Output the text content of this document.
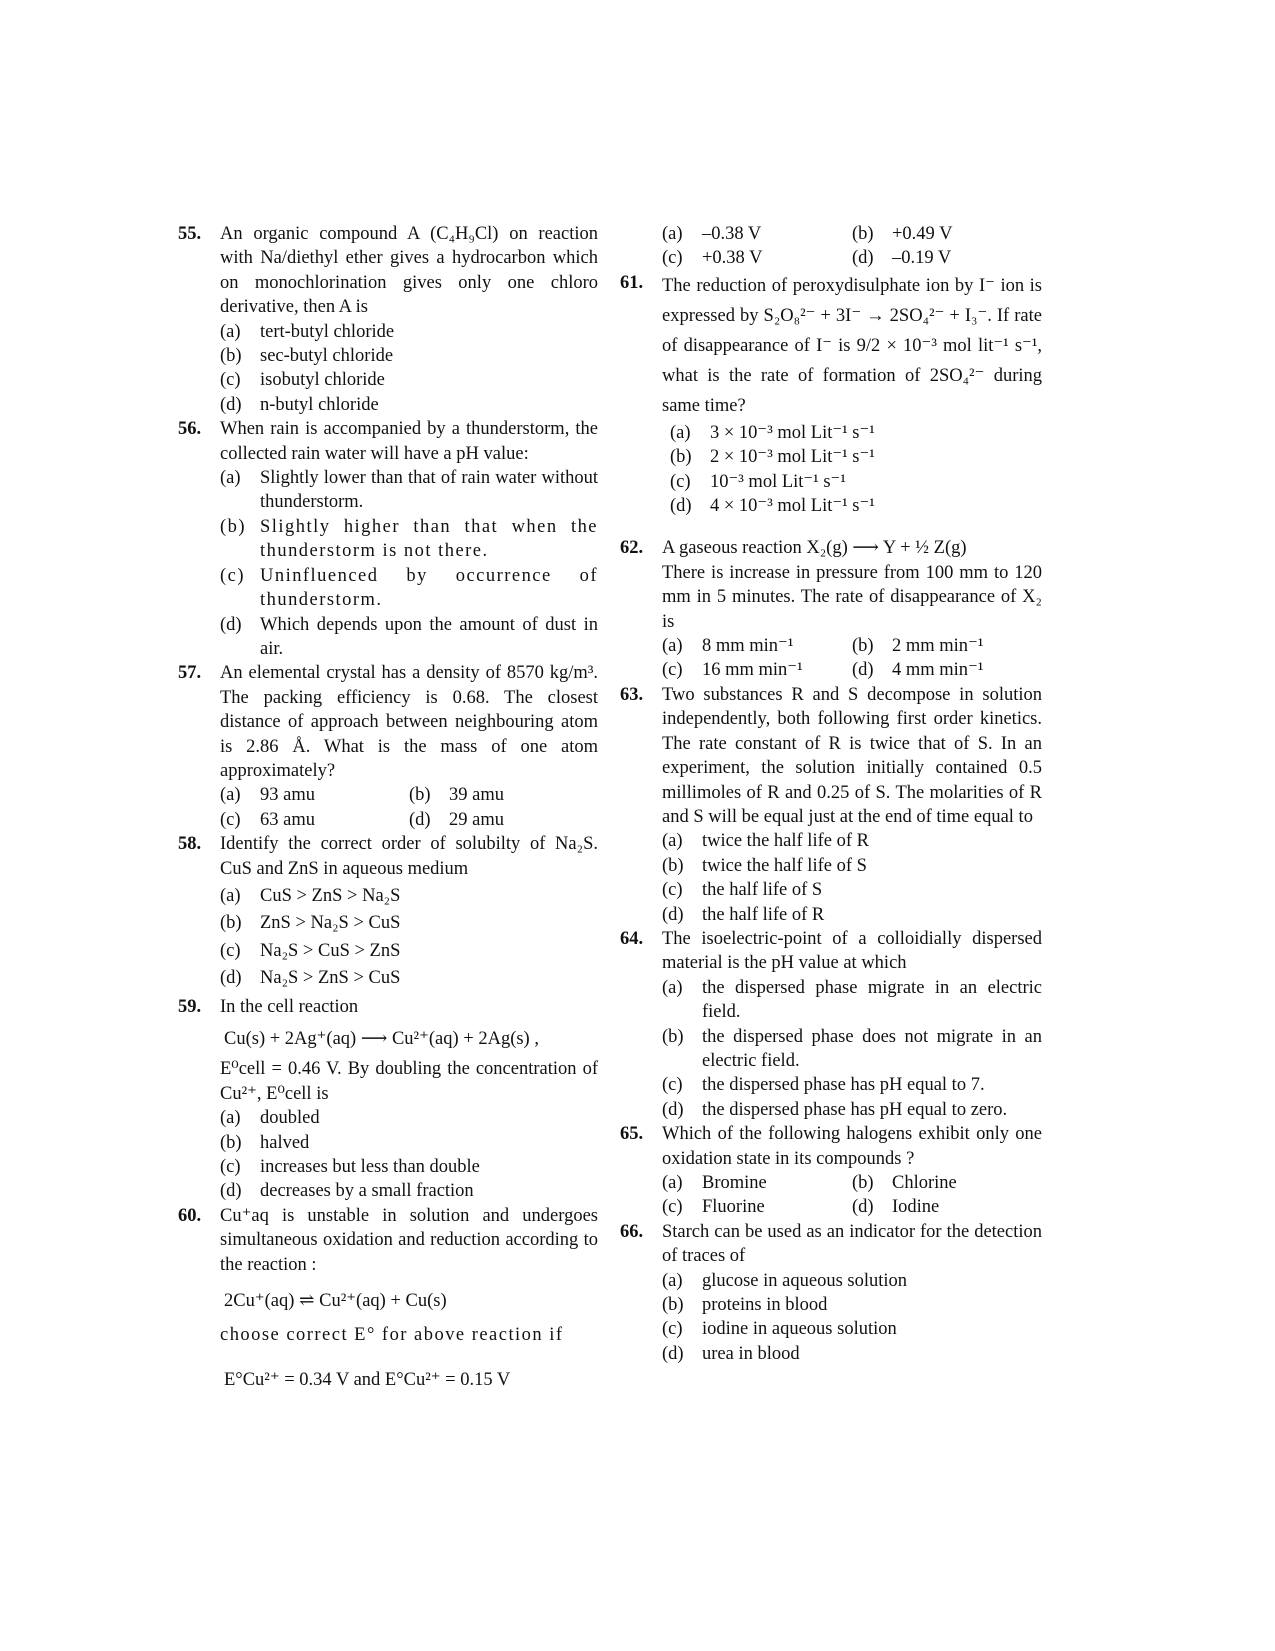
55. An organic compound A (C₄H₉Cl) on reaction with Na/diethyl ether gives a hydrocarbon which on monochlorination gives only one chloro derivative, then A is
(a) tert-butyl chloride
(b) sec-butyl chloride
(c) isobutyl chloride
(d) n-butyl chloride
56. When rain is accompanied by a thunderstorm, the collected rain water will have a pH value:
(a) Slightly lower than that of rain water without thunderstorm.
(b) Slightly higher than that when the thunderstorm is not there.
(c) Uninfluenced by occurrence of thunderstorm.
(d) Which depends upon the amount of dust in air.
57. An elemental crystal has a density of 8570 kg/m³. The packing efficiency is 0.68. The closest distance of approach between neighbouring atom is 2.86 Å. What is the mass of one atom approximately?
(a) 93 amu	(b) 39 amu
(c) 63 amu	(d) 29 amu
58. Identify the correct order of solubilty of Na₂S. CuS and ZnS in aqueous medium
(a) CuS > ZnS > Na₂S
(b) ZnS > Na₂S > CuS
(c) Na₂S > CuS > ZnS
(d) Na₂S > ZnS > CuS
59. In the cell reaction
Cu(s) + 2Ag⁺(aq) ⟶ Cu²⁺(aq) + 2Ag(s) ,
E⁰cell = 0.46 V. By doubling the concentration of Cu²⁺, E⁰cell is
(a) doubled
(b) halved
(c) increases but less than double
(d) decreases by a small fraction
60. Cu⁺aq is unstable in solution and undergoes simultaneous oxidation and reduction according to the reaction :
2Cu⁺(aq) ⇌ Cu²⁺(aq) + Cu(s)
choose correct E° for above reaction if
E°Cu²⁺ = 0.34 V and E°Cu²⁺ = 0.15 V
(a) –0.38 V	(b) +0.49 V
(c) +0.38 V	(d) –0.19 V
61. The reduction of peroxydisulphate ion by I⁻ ion is expressed by S₂O₈²⁻ + 3I⁻ → 2SO₄²⁻ + I₃⁻. If rate of disappearance of I⁻ is 9/2 × 10⁻³ mol lit⁻¹ s⁻¹, what is the rate of formation of 2SO₄²⁻ during same time?
(a) 3 × 10⁻³ mol Lit⁻¹ s⁻¹
(b) 2 × 10⁻³ mol Lit⁻¹ s⁻¹
(c) 10⁻³ mol Lit⁻¹ s⁻¹
(d) 4 × 10⁻³ mol Lit⁻¹ s⁻¹
62. A gaseous reaction X₂(g) ⟶ Y + ½ Z(g)
There is increase in pressure from 100 mm to 120 mm in 5 minutes. The rate of disappearance of X₂ is
(a) 8 mm min⁻¹	(b) 2 mm min⁻¹
(c) 16 mm min⁻¹	(d) 4 mm min⁻¹
63. Two substances R and S decompose in solution independently, both following first order kinetics. The rate constant of R is twice that of S. In an experiment, the solution initially contained 0.5 millimoles of R and 0.25 of S. The molarities of R and S will be equal just at the end of time equal to
(a) twice the half life of R
(b) twice the half life of S
(c) the half life of S
(d) the half life of R
64. The isoelectric-point of a colloidially dispersed material is the pH value at which
(a) the dispersed phase migrate in an electric field.
(b) the dispersed phase does not migrate in an electric field.
(c) the dispersed phase has pH equal to 7.
(d) the dispersed phase has pH equal to zero.
65. Which of the following halogens exhibit only one oxidation state in its compounds ?
(a) Bromine	(b) Chlorine
(c) Fluorine	(d) Iodine
66. Starch can be used as an indicator for the detection of traces of
(a) glucose in aqueous solution
(b) proteins in blood
(c) iodine in aqueous solution
(d) urea in blood
